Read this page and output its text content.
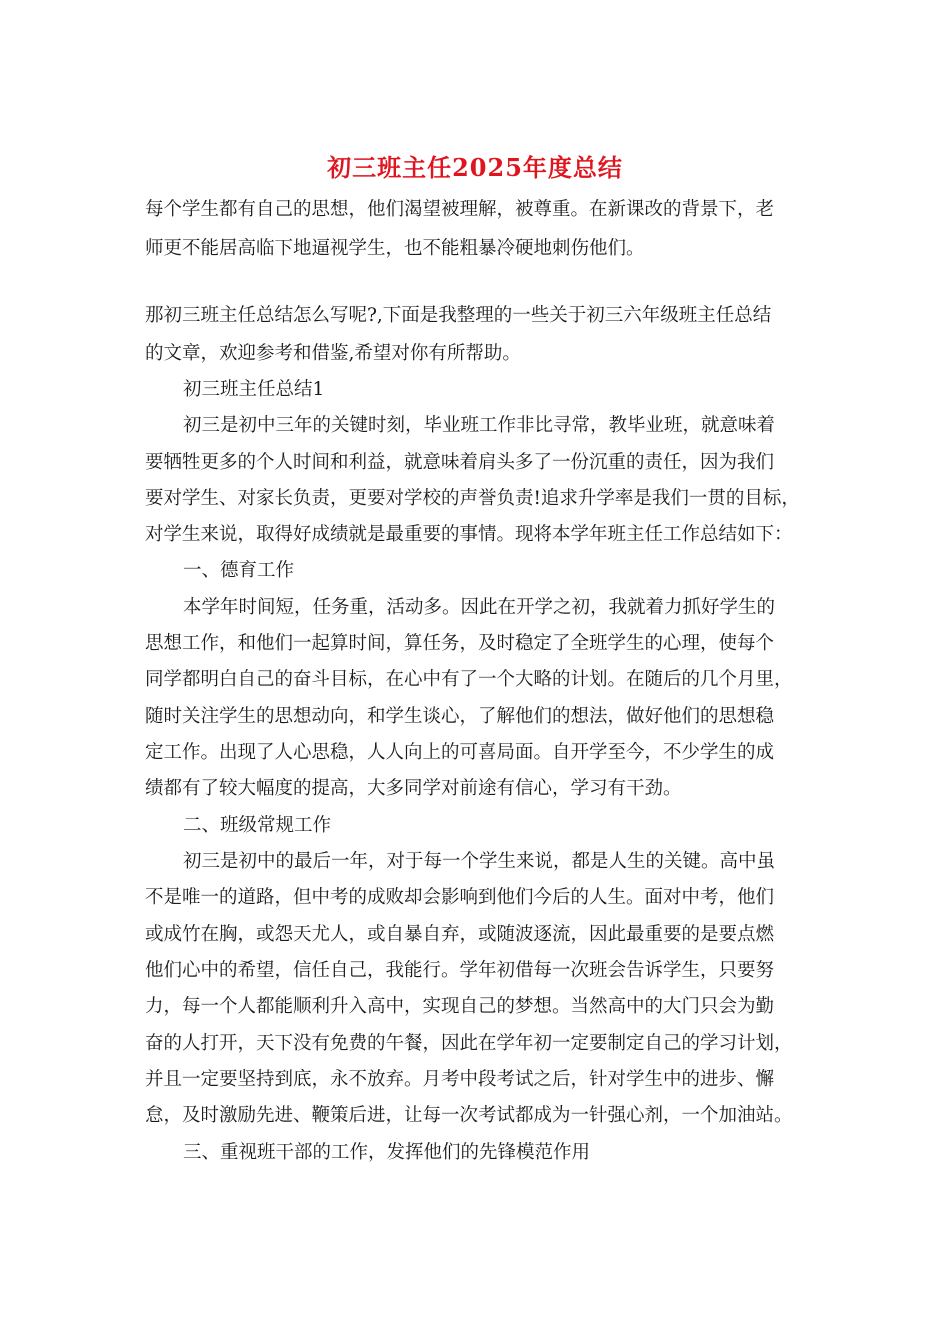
初三班主任2025年度总结
每个学生都有自己的思想，他们渴望被理解，被尊重。在新课改的背景下，老
师更不能居高临下地逼视学生，也不能粗暴冷硬地刺伤他们。
那初三班主任总结怎么写呢?,下面是我整理的一些关于初三六年级班主任总结
的文章，欢迎参考和借鉴,希望对你有所帮助。
初三班主任总结1
初三是初中三年的关键时刻，毕业班工作非比寻常，教毕业班，就意味着
要牺牲更多的个人时间和利益，就意味着肩头多了一份沉重的责任，因为我们
要对学生、对家长负责，更要对学校的声誉负责!追求升学率是我们一贯的目标，
对学生来说，取得好成绩就是最重要的事情。现将本学年班主任工作总结如下：
一、德育工作
本学年时间短，任务重，活动多。因此在开学之初，我就着力抓好学生的
思想工作，和他们一起算时间，算任务，及时稳定了全班学生的心理，使每个
同学都明白自己的奋斗目标，在心中有了一个大略的计划。在随后的几个月里，
随时关注学生的思想动向，和学生谈心，了解他们的想法，做好他们的思想稳
定工作。出现了人心思稳，人人向上的可喜局面。自开学至今，不少学生的成
绩都有了较大幅度的提高，大多同学对前途有信心，学习有干劲。
二、班级常规工作
初三是初中的最后一年，对于每一个学生来说，都是人生的关键。高中虽
不是唯一的道路，但中考的成败却会影响到他们今后的人生。面对中考，他们
或成竹在胸，或怨天尤人，或自暴自弃，或随波逐流，因此最重要的是要点燃
他们心中的希望，信任自己，我能行。学年初借每一次班会告诉学生，只要努
力，每一个人都能顺利升入高中，实现自己的梦想。当然高中的大门只会为勤
奋的人打开，天下没有免费的午餐，因此在学年初一定要制定自己的学习计划，
并且一定要坚持到底，永不放弃。月考中段考试之后，针对学生中的进步、懈
怠，及时激励先进、鞭策后进，让每一次考试都成为一针强心剂，一个加油站。
三、重视班干部的工作，发挥他们的先锋模范作用
